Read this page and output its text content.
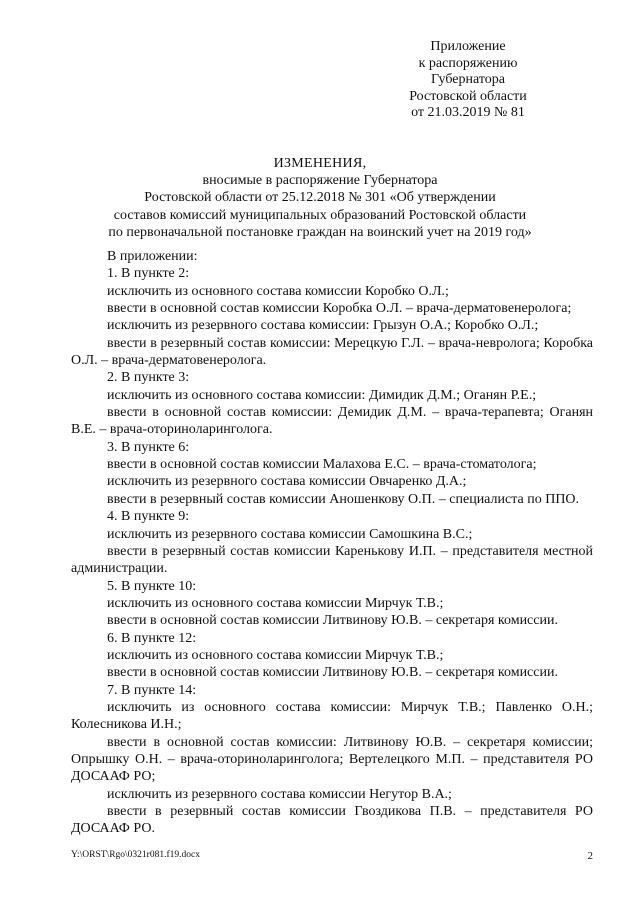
Приложение
к распоряжению
Губернатора
Ростовской области
от 21.03.2019 № 81
ИЗМЕНЕНИЯ,
вносимые в распоряжение Губернатора
Ростовской области от 25.12.2018 № 301 «Об утверждении
составов комиссий муниципальных образований Ростовской области
по первоначальной постановке граждан на воинский учет на 2019 год»

В приложении:

1. В пункте 2:

исключить из основного состава комиссии Коробко О.Л.;

ввести в основной состав комиссии Коробка О.Л. – врача-дерматовенеролога;

исключить из резервного состава комиссии: Грызун О.А.; Коробко О.Л.;

ввести в резервный состав комиссии: Мерецкую Г.Л. – врача-невролога; Коробка О.Л. – врача-дерматовенеролога.

2. В пункте 3:

исключить из основного состава комиссии: Димидик Д.М.; Оганян Р.Е.;

ввести в основной состав комиссии: Демидик Д.М. – врача-терапевта; Оганян В.Е. – врача-оториноларинголога.

3. В пункте 6:

ввести в основной состав комиссии Малахова Е.С. – врача-стоматолога;

исключить из резервного состава комиссии Овчаренко Д.А.;

ввести в резервный состав комиссии Аношенкову О.П. – специалиста по ППО.

4. В пункте 9:

исключить из резервного состава комиссии Самошкина В.С.;

ввести в резервный состав комиссии Кареньковy И.П. – представителя местной администрации.

5. В пункте 10:

исключить из основного состава комиссии Мирчук Т.В.;

ввести в основной состав комиссии Литвинову Ю.В. – секретаря комиссии.

6. В пункте 12:

исключить из основного состава комиссии Мирчук Т.В.;

ввести в основной состав комиссии Литвинову Ю.В. – секретаря комиссии.

7. В пункте 14:

исключить из основного состава комиссии: Мирчук Т.В.; Павленко О.Н.; Колесникова И.Н.;

ввести в основной состав комиссии: Литвинову Ю.В. – секретаря комиссии; Опрышку О.Н. – врача-оториноларинголога; Вертелецкого М.П. – представителя РО ДОСААФ РО;

исключить из резервного состава комиссии Негутор В.А.;

ввести в резервный состав комиссии Гвоздикова П.В. – представителя РО ДОСААФ РО.

Y:\ORST\Rgo\0321r081.f19.docx	2
